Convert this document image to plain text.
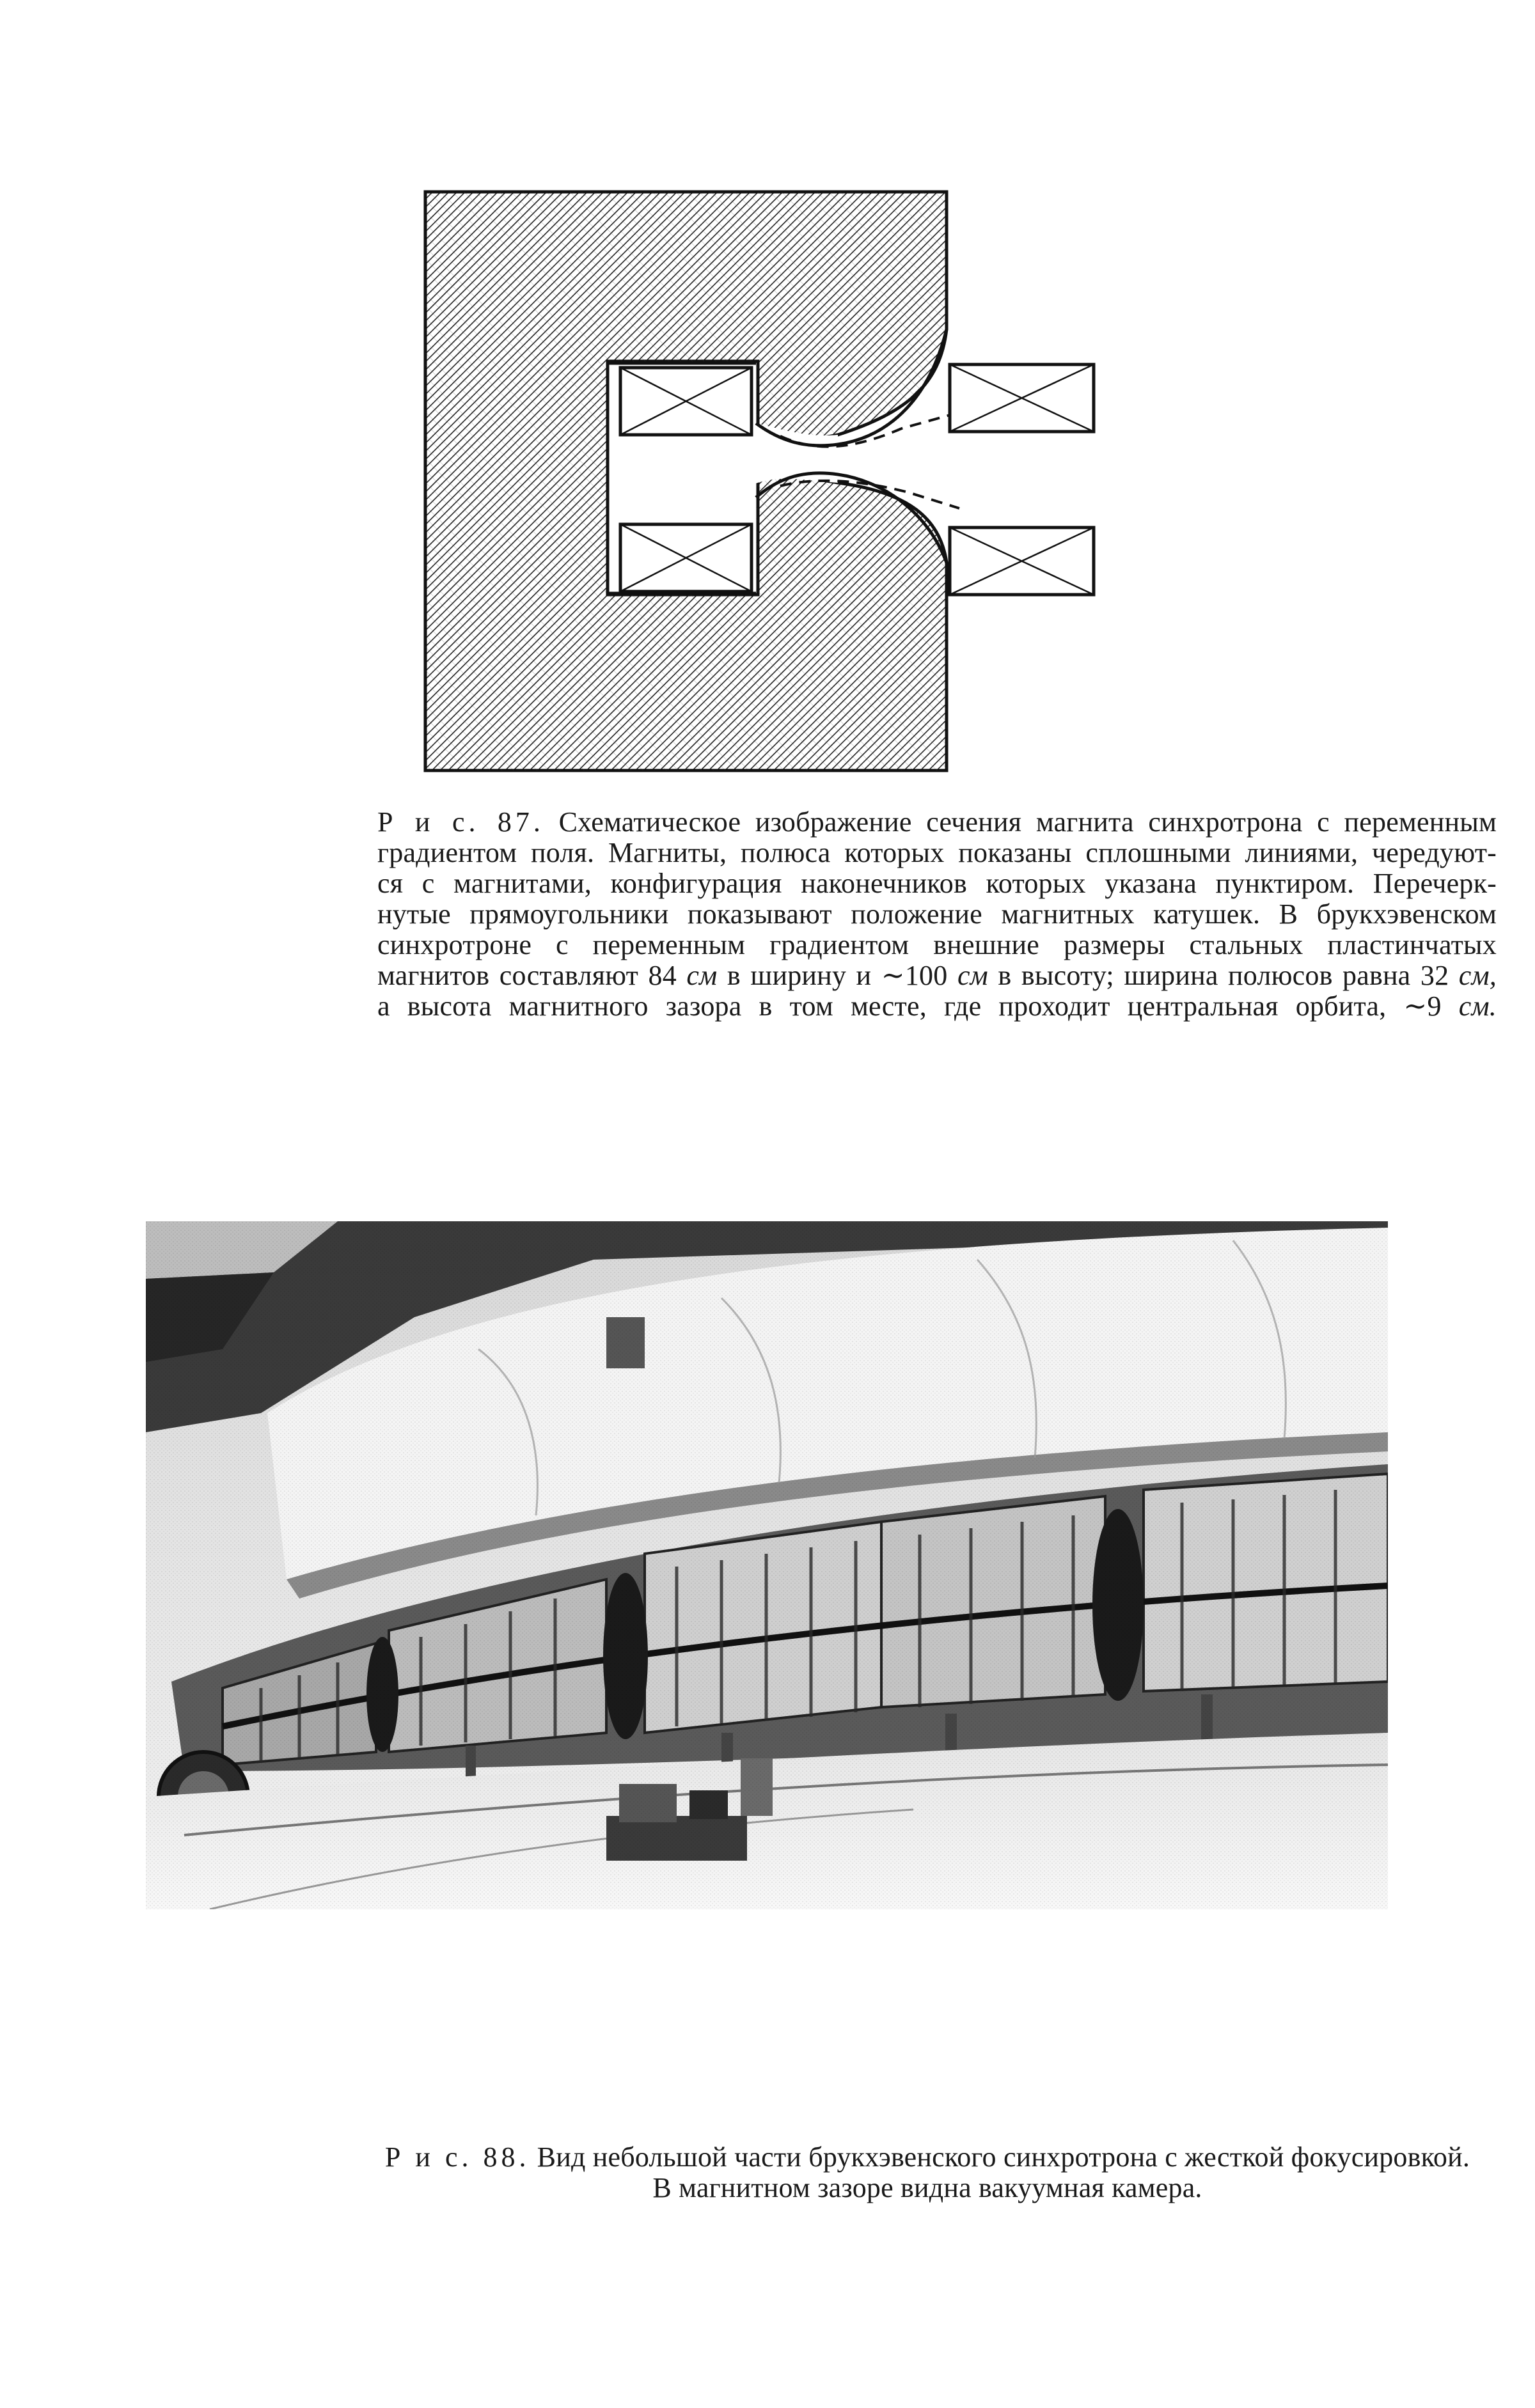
Р и с. 87. Схематическое изображение сечения магнита синхротрона с переменным
градиентом поля. Магниты, полюса которых показаны сплошными линиями, чередуют-
ся с магнитами, конфигурация наконечников которых указана пунктиром. Перечерк-
нутые прямоугольники показывают положение магнитных катушек. В брукхэвенском
синхротроне с переменным градиентом внешние размеры стальных пластинчатых
магнитов составляют 84 см в ширину и ∼100 см в высоту; ширина полюсов равна 32 см,
а высота магнитного зазора в том месте, где проходит центральная орбита, ∼9 см.
Р и с. 88. Вид небольшой части брукхэвенского синхротрона с жесткой фокусировкой.
В магнитном зазоре видна вакуумная камера.
